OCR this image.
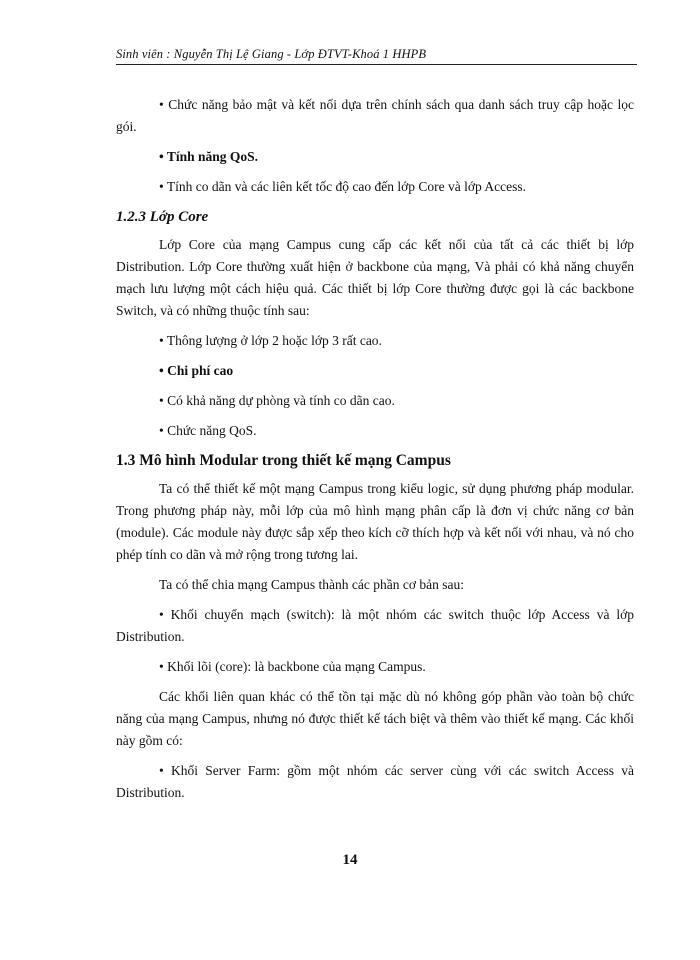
Sinh viên : Nguyễn Thị Lệ Giang - Lớp ĐTVT-Khoá 1 HHPB

• Chức năng bảo mật và kết nối dựa trên chính sách qua danh sách truy cập hoặc lọc gói.

• Tính năng QoS.

• Tính co dãn và các liên kết tốc độ cao đến lớp Core và lớp Access.

1.2.3 Lớp Core

Lớp Core của mạng Campus cung cấp các kết nối của tất cả các thiết bị lớp Distribution. Lớp Core thường xuất hiện ở backbone của mạng, Và phải có khả năng chuyển mạch lưu lượng một cách hiệu quả. Các thiết bị lớp Core thường được gọi là các backbone Switch, và có những thuộc tính sau:

• Thông lượng ở lớp 2 hoặc lớp 3 rất cao.

• Chi phí cao

• Có khả năng dự phòng và tính co dãn cao.

• Chức năng QoS.

1.3 Mô hình Modular trong thiết kế mạng Campus

Ta có thể thiết kế một mạng Campus trong kiểu logic, sử dụng phương pháp modular. Trong phương pháp này, mỗi lớp của mô hình mạng phân cấp là đơn vị chức năng cơ bản (module). Các module này được sắp xếp theo kích cỡ thích hợp và kết nối với nhau, và nó cho phép tính co dãn và mở rộng trong tương lai.

Ta có thể chia mạng Campus thành các phần cơ bản sau:

• Khối chuyển mạch (switch): là một nhóm các switch thuộc lớp Access và lớp Distribution.

• Khối lõi (core): là backbone của mạng Campus.

Các khối liên quan khác có thể tồn tại mặc dù nó không góp phần vào toàn bộ chức năng của mạng Campus, nhưng nó được thiết kế tách biệt và thêm vào thiết kế mạng. Các khối này gồm có:

• Khối Server Farm: gồm một nhóm các server cùng với các switch Access và Distribution.

14
